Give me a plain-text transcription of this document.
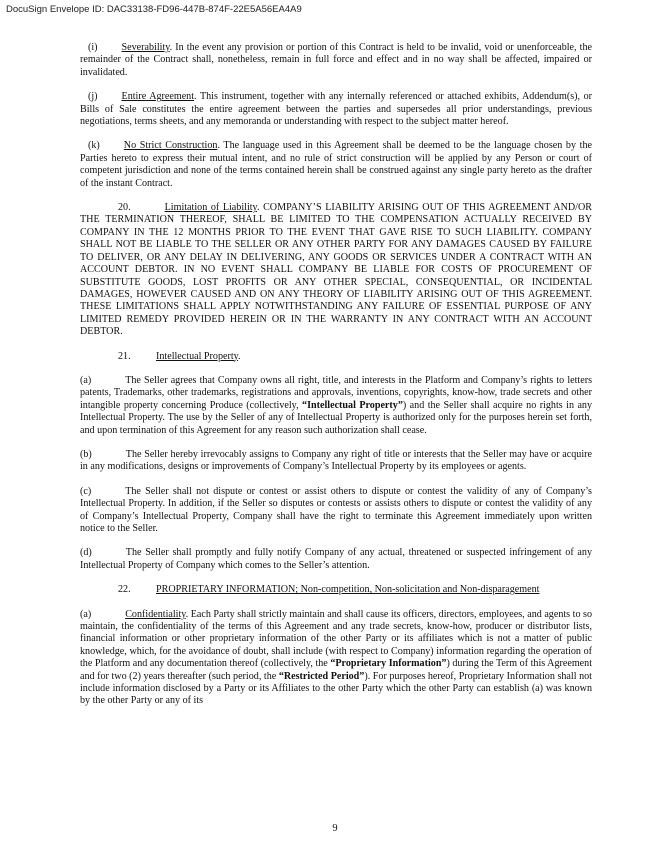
DocuSign Envelope ID: DAC33138-FD96-447B-874F-22E5A56EA4A9

(i) Severability. In the event any provision or portion of this Contract is held to be invalid, void or unenforceable, the remainder of the Contract shall, nonetheless, remain in full force and effect and in no way shall be affected, impaired or invalidated.

(j) Entire Agreement. This instrument, together with any internally referenced or attached exhibits, Addendum(s), or Bills of Sale constitutes the entire agreement between the parties and supersedes all prior understandings, previous negotiations, terms sheets, and any memoranda or understanding with respect to the subject matter hereof.

(k) No Strict Construction. The language used in this Agreement shall be deemed to be the language chosen by the Parties hereto to express their mutual intent, and no rule of strict construction will be applied by any Person or court of competent jurisdiction and none of the terms contained herein shall be construed against any single party hereto as the drafter of the instant Contract.

20.	Limitation of Liability. COMPANY’S LIABILITY ARISING OUT OF THIS AGREEMENT AND/OR THE TERMINATION THEREOF, SHALL BE LIMITED TO THE COMPENSATION ACTUALLY RECEIVED BY COMPANY IN THE 12 MONTHS PRIOR TO THE EVENT THAT GAVE RISE TO SUCH LIABILITY. COMPANY SHALL NOT BE LIABLE TO THE SELLER OR ANY OTHER PARTY FOR ANY DAMAGES CAUSED BY FAILURE TO DELIVER, OR ANY DELAY IN DELIVERING, ANY GOODS OR SERVICES UNDER A CONTRACT WITH AN ACCOUNT DEBTOR. IN NO EVENT SHALL COMPANY BE LIABLE FOR COSTS OF PROCUREMENT OF SUBSTITUTE GOODS, LOST PROFITS OR ANY OTHER SPECIAL, CONSEQUENTIAL, OR INCIDENTAL DAMAGES, HOWEVER CAUSED AND ON ANY THEORY OF LIABILITY ARISING OUT OF THIS AGREEMENT. THESE LIMITATIONS SHALL APPLY NOTWITHSTANDING ANY FAILURE OF ESSENTIAL PURPOSE OF ANY LIMITED REMEDY PROVIDED HEREIN OR IN THE WARRANTY IN ANY CONTRACT WITH AN ACCOUNT DEBTOR.

21.	Intellectual Property.

(a)	The Seller agrees that Company owns all right, title, and interests in the Platform and Company’s rights to letters patents, Trademarks, other trademarks, registrations and approvals, inventions, copyrights, know-how, trade secrets and other intangible property concerning Produce (collectively, “Intellectual Property”) and the Seller shall acquire no rights in any Intellectual Property. The use by the Seller of any of Intellectual Property is authorized only for the purposes herein set forth, and upon termination of this Agreement for any reason such authorization shall cease.

(b)	The Seller hereby irrevocably assigns to Company any right of title or interests that the Seller may have or acquire in any modifications, designs or improvements of Company’s Intellectual Property by its employees or agents.

(c)	The Seller shall not dispute or contest or assist others to dispute or contest the validity of any of Company’s Intellectual Property. In addition, if the Seller so disputes or contests or assists others to dispute or contest the validity of any of Company’s Intellectual Property, Company shall have the right to terminate this Agreement immediately upon written notice to the Seller.

(d)	The Seller shall promptly and fully notify Company of any actual, threatened or suspected infringement of any Intellectual Property of Company which comes to the Seller’s attention.

22.	PROPRIETARY INFORMATION; Non-competition, Non-solicitation and Non-disparagement

(a)	Confidentiality. Each Party shall strictly maintain and shall cause its officers, directors, employees, and agents to so maintain, the confidentiality of the terms of this Agreement and any trade secrets, know-how, producer or distributor lists, financial information or other proprietary information of the other Party or its affiliates which is not a matter of public knowledge, which, for the avoidance of doubt, shall include (with respect to Company) information regarding the operation of the Platform and any documentation thereof (collectively, the “Proprietary Information”) during the Term of this Agreement and for two (2) years thereafter (such period, the “Restricted Period”). For purposes hereof, Proprietary Information shall not include information disclosed by a Party or its Affiliates to the other Party which the other Party can establish (a) was known by the other Party or any of its

9
